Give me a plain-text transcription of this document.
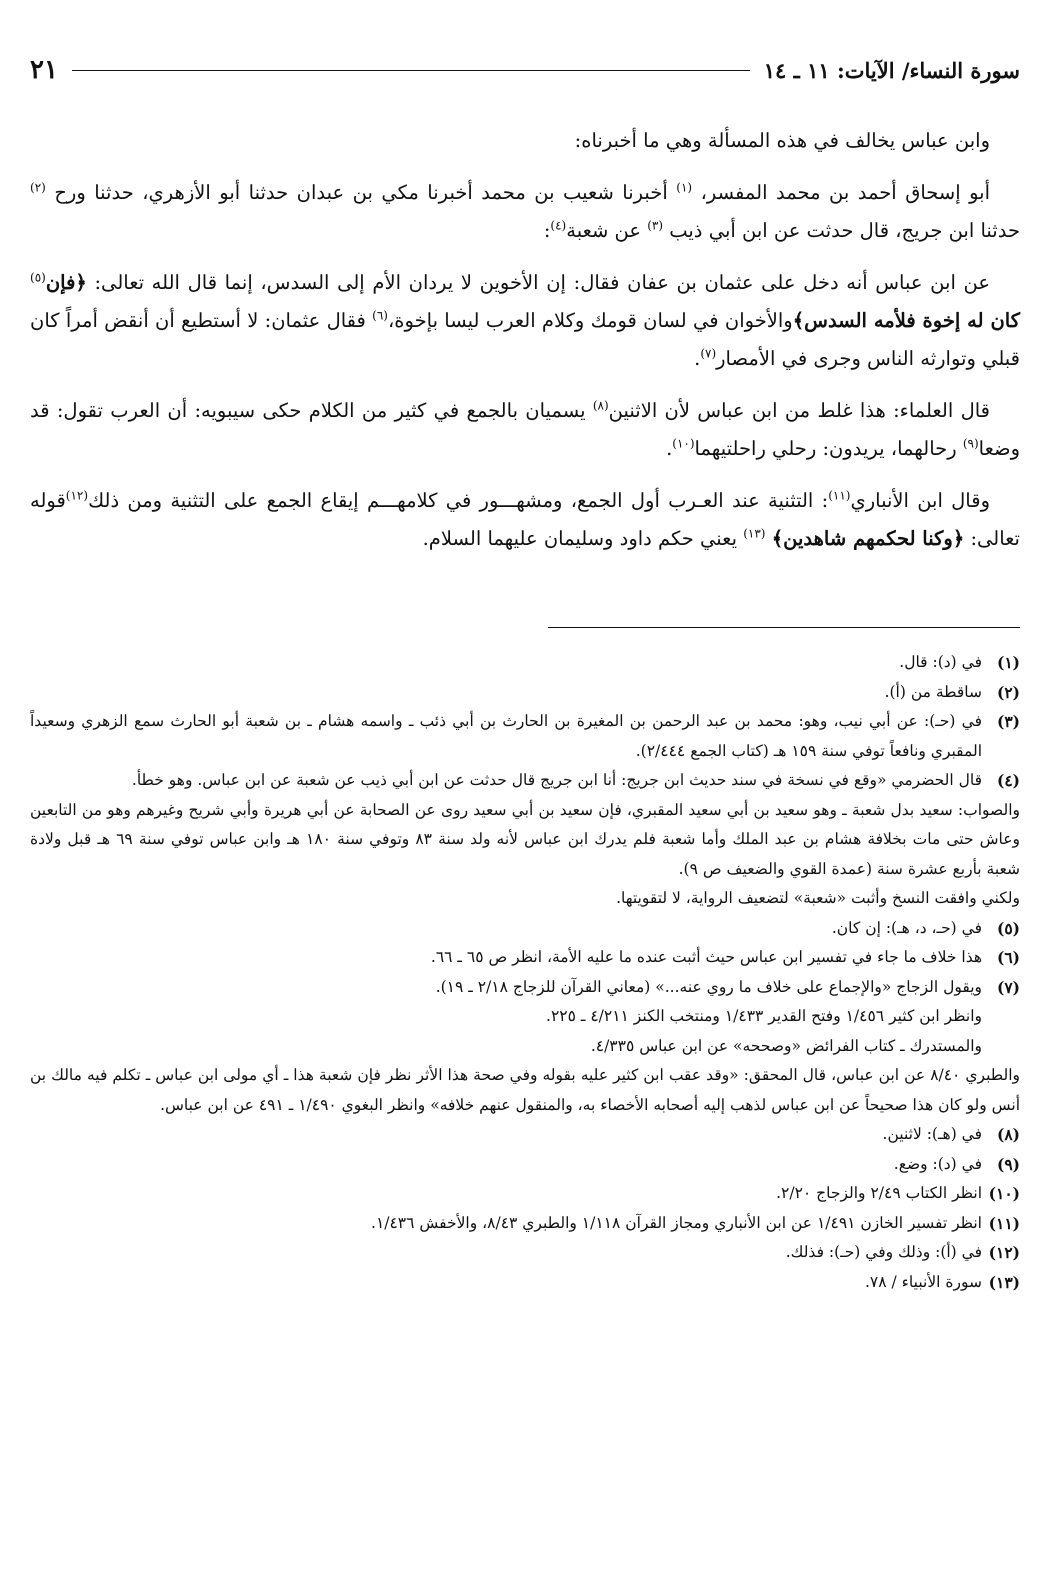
سورة النساء/ الآيات: ١١ ـ ١٤
٢١

وابن عباس يخالف في هذه المسألة وهي ما أخبرناه:

أبو إسحاق أحمد بن محمد المفسر، $^{(١)}$ أخبرنا شعيب بن محمد أخبرنا مكي بن عبدان حدثنا أبو الأزهري، حدثنا ورح $^{(٢)}$ حدثنا ابن جريج، قال حدثت عن ابن أبي ذيب $^{(٣)}$ عن شعبة$^{(٤)}$:

عن ابن عباس أنه دخل على عثمان بن عفان فقال: إن الأخوين لا يردان الأم إلى السدس، إنما قال الله تعالى: ﴿فإن$^{(٥)}$ كان له إخوة فلأمه السدس﴾والأخوان في لسان قومك وكلام العرب ليسا بإخوة،$^{(٦)}$ فقال عثمان: لا أستطيع أن أنقض أمراً كان قبلي وتوارثه الناس وجرى في الأمصار$^{(٧)}$.

قال العلماء: هذا غلط من ابن عباس لأن الاثنين$^{(٨)}$ يسميان بالجمع في كثير من الكلام حكى سيبويه: أن العرب تقول: قد وضعا$^{(٩)}$ رحالهما، يريدون: رحلي راحلتيهما$^{(١٠)}$.

وقال ابن الأنباري$^{(١١)}$: التثنية عند العـرب أول الجمع، ومشهـــور في كلامهـــم إيقاع الجمع على التثنية ومن ذلك$^{(١٢)}$قوله تعالى: ﴿وكنا لحكمهم شاهدين﴾ $^{(١٣)}$ يعني حكم داود وسليمان عليهما السلام.

(١)
في (د): قال.
(٢)
ساقطة من (أ).
(٣)
في (حـ): عن أبي نيب، وهو: محمد بن عبد الرحمن بن المغيرة بن الحارث بن أبي ذئب ـ واسمه هشام ـ بن شعبة أبو الحارث سمع الزهري وسعيداً المقبري ونافعاً توفي سنة ١٥٩ هـ (كتاب الجمع ٢/٤٤٤).
(٤)
قال الحضرمي «وقع في نسخة في سند حديث ابن جريج: أنا ابن جريج قال حدثت عن ابن أبي ذيب عن شعبة عن ابن عباس. وهو خطأ.
والصواب: سعيد بدل شعبة ـ وهو سعيد بن أبي سعيد المقبري، فإن سعيد بن أبي سعيد روى عن الصحابة عن أبي هريرة وأبي شريح وغيرهم وهو من التابعين وعاش حتى مات بخلافة هشام بن عبد الملك وأما شعبة فلم يدرك ابن عباس لأنه ولد سنة ٨٣ وتوفي سنة ١٨٠ هـ وابن عباس توفي سنة ٦٩ هـ قبل ولادة شعبة بأربع عشرة سنة (عمدة القوي والضعيف ص ٩).
ولكني وافقت النسخ وأثبت «شعبة» لتضعيف الرواية، لا لتقويتها.
(٥)
في (حـ، د، هـ): إن كان.
(٦)
هذا خلاف ما جاء في تفسير ابن عباس حيث أثبت عنده ما عليه الأمة، انظر ص ٦٥ ـ ٦٦.
(٧)
ويقول الزجاج «والإجماع على خلاف ما روي عنه...» (معاني القرآن للزجاج ٢/١٨ ـ ١٩).
وانظر ابن كثير ١/٤٥٦ وفتح القدير ١/٤٣٣ ومنتخب الكنز ٤/٢١١ ـ ٢٢٥.
والمستدرك ـ كتاب الفرائض «وصححه» عن ابن عباس ٤/٣٣٥.
والطبري ٨/٤٠ عن ابن عباس، قال المحقق: «وقد عقب ابن كثير عليه بقوله وفي صحة هذا الأثر نظر فإن شعبة هذا ـ أي مولى ابن عباس ـ تكلم فيه مالك بن أنس ولو كان هذا صحيحاً عن ابن عباس لذهب إليه أصحابه الأخصاء به، والمنقول عنهم خلافه» وانظر البغوي ١/٤٩٠ ـ ٤٩١ عن ابن عباس.
(٨)
في (هـ): لاثنين.
(٩)
في (د): وضع.
(١٠)
انظر الكتاب ٢/٤٩ والزجاج ٢/٢٠.
(١١)
انظر تفسير الخازن ١/٤٩١ عن ابن الأنباري ومجاز القرآن ١/١١٨ والطبري ٨/٤٣، والأخفش ١/٤٣٦.
(١٢)
في (أ): وذلك وفي (حـ): فذلك.
(١٣)
سورة الأنبياء / ٧٨.
